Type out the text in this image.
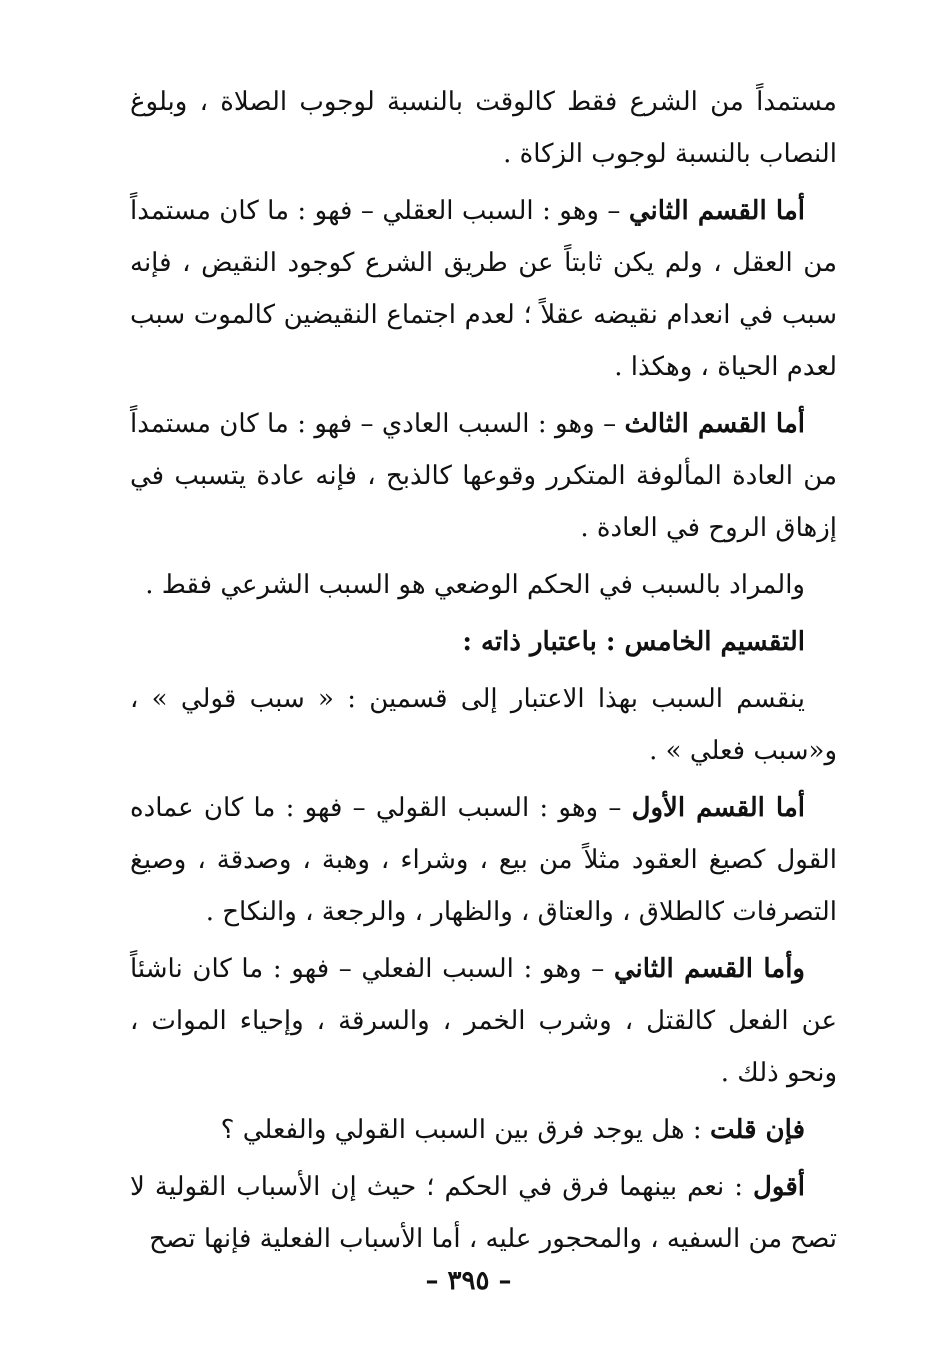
مستمداً من الشرع فقط كالوقت بالنسبة لوجوب الصلاة ، وبلوغ النصاب بالنسبة لوجوب الزكاة .

أما القسم الثاني – وهو : السبب العقلي – فهو : ما كان مستمداً من العقل ، ولم يكن ثابتاً عن طريق الشرع كوجود النقيض ، فإنه سبب في انعدام نقيضه عقلاً ؛ لعدم اجتماع النقيضين كالموت سبب لعدم الحياة ، وهكذا .

أما القسم الثالث – وهو : السبب العادي – فهو : ما كان مستمداً من العادة المألوفة المتكرر وقوعها كالذبح ، فإنه عادة يتسبب في إزهاق الروح في العادة .

والمراد بالسبب في الحكم الوضعي هو السبب الشرعي فقط .

التقسيم الخامس : باعتبار ذاته :

ينقسم السبب بهذا الاعتبار إلى قسمين : « سبب قولي » ، و«سبب فعلي » .

أما القسم الأول – وهو : السبب القولي – فهو : ما كان عماده القول كصيغ العقود مثلاً من بيع ، وشراء ، وهبة ، وصدقة ، وصيغ التصرفات كالطلاق ، والعتاق ، والظهار ، والرجعة ، والنكاح .

وأما القسم الثاني – وهو : السبب الفعلي – فهو : ما كان ناشئاً عن الفعل كالقتل ، وشرب الخمر ، والسرقة ، وإحياء الموات ، ونحو ذلك .

فإن قلت : هل يوجد فرق بين السبب القولي والفعلي ؟

أقول : نعم بينهما فرق في الحكم ؛ حيث إن الأسباب القولية لا تصح من السفيه ، والمحجور عليه ، أما الأسباب الفعلية فإنها تصح

– ٣٩٥ –
